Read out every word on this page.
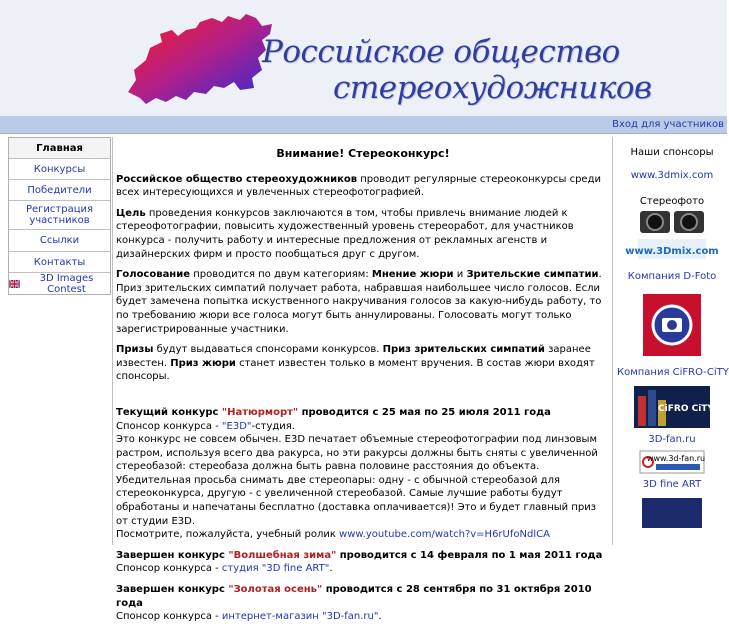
Российское общество
стереохудожников
Вход для участников
Главная
Конкурсы
Победители
Регистрация участников
Ссылки
Контакты
3D Images Contest
Внимание! Стереоконкурс!

Российское общество стереохудожников проводит регулярные стереоконкурсы среди всех интересующихся и увлеченных стереофотографией.

Цель проведения конкурсов заключаются в том, чтобы привлечь внимание людей к стереофотографии, повысить художественный уровень стереоработ, для участников конкурса - получить работу и интересные предложения от рекламных агенств и дизайнерских фирм и просто пообщаться друг с другом.

Голосование проводится по двум категориям: Мнение жюри и Зрительские симпатии. Приз зрительских симпатий получает работа, набравшая наибольшее число голосов. Если будет замечена попытка искуственного накручивания голосов за какую-нибудь работу, то по требованию жюри все голоса могут быть аннулированы. Голосовать могут только зарегистрированные участники.

Призы будут выдаваться спонсорами конкурсов. Приз зрительских симпатий заранее известен. Приз жюри станет известен только в момент вручения. В состав жюри входят спонсоры.

Текущий конкурс "Натюрморт" проводится с 25 мая по 25 июля 2011 года
Спонсор конкурса - "E3D"-студия.
Это конкурс не совсем обычен. E3D печатает объемные стереофотографии под линзовым растром, используя всего два ракурса, но эти ракурсы должны быть сняты с увеличенной стереобазой: стереобаза должна быть равна половине расстояния до объекта. Убедительная просьба снимать две стереопары: одну - с обычной стереобазой для стереоконкурса, другую - с увеличенной стереобазой. Самые лучшие работы будут обработаны и напечатаны бесплатно (доставка оплачивается)! Это и будет главный приз от студии E3D.
Посмотрите, пожалуйста, учебный ролик www.youtube.com/watch?v=H6rUfoNdlCA

Завершен конкурс "Волшебная зима" проводится с 14 февраля по 1 мая 2011 года
Спонсор конкурса - студия "3D fine ART".

Завершен конкурс "Золотая осень" проводится с 28 сентября по 31 октября 2010 года
Спонсор конкурса - интернет-магазин "3D-fan.ru".

Наши спонсоры
www.3dmix.com
Стереофото
www.3Dmix.com
Компания D-Foto
Компания CiFRO-CiTY
CiFRO CiTY
3D-fan.ru
www.3d-fan.ru
3D fine ART
